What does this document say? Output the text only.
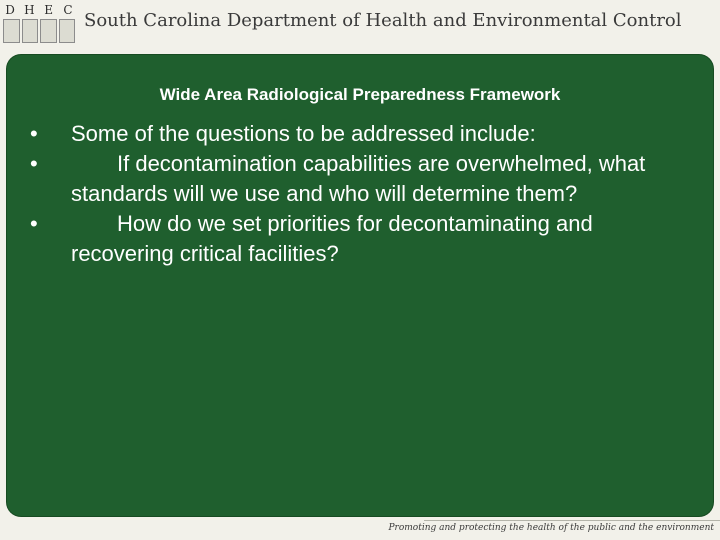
D H E C South Carolina Department of Health and Environmental Control
Wide Area Radiological Preparedness Framework
• Some of the questions to be addressed include:
•	If decontamination capabilities are overwhelmed, what standards will we use and who will determine them?
•	How do we set priorities for decontaminating and recovering critical facilities?
Promoting and protecting the health of the public and the environment
